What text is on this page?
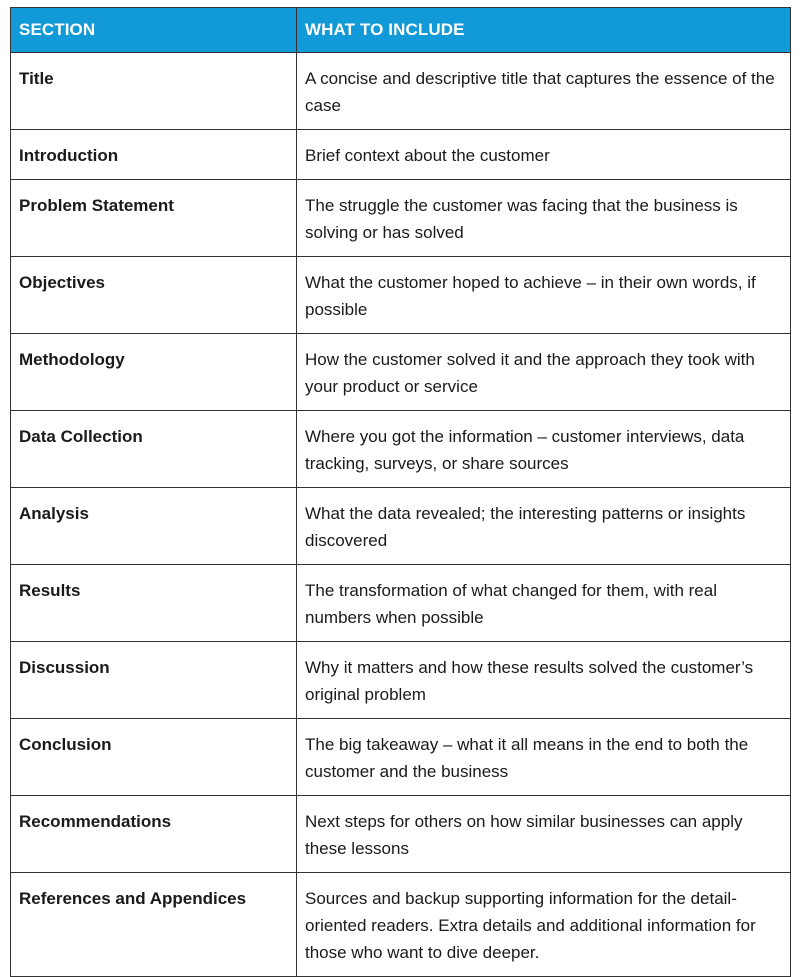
SECTION	WHAT TO INCLUDE
Title	A concise and descriptive title that captures the essence of the case
Introduction	Brief context about the customer
Problem Statement	The struggle the customer was facing that the business is solving or has solved
Objectives	What the customer hoped to achieve – in their own words, if possible
Methodology	How the customer solved it and the approach they took with your product or service
Data Collection	Where you got the information – customer interviews, data tracking, surveys, or share sources
Analysis	What the data revealed; the interesting patterns or insights discovered
Results	The transformation of what changed for them, with real numbers when possible
Discussion	Why it matters and how these results solved the customer’s original problem
Conclusion	The big takeaway – what it all means in the end to both the customer and the business
Recommendations	Next steps for others on how similar businesses can apply these lessons
References and Appendices	Sources and backup supporting information for the detail-oriented readers. Extra details and additional information for those who want to dive deeper.
